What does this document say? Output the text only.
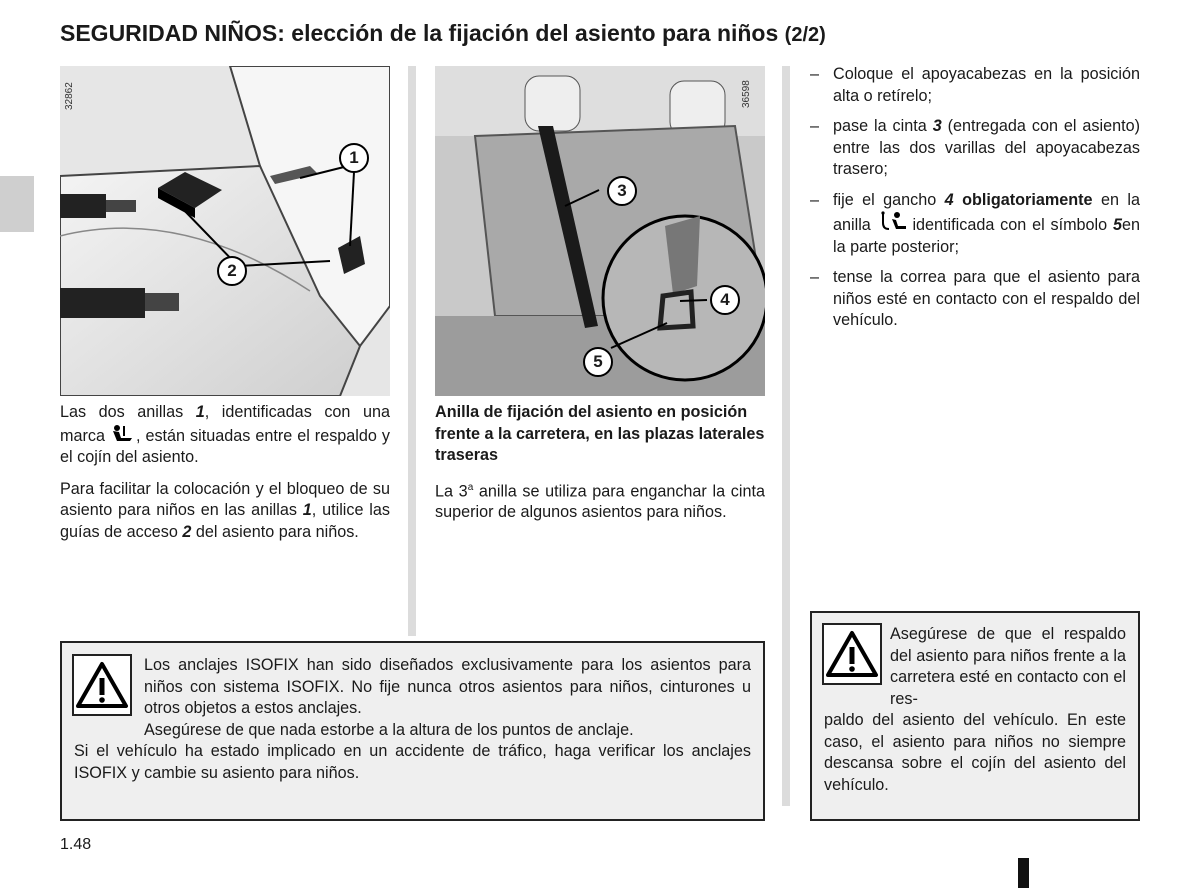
SEGURIDAD NIÑOS: elección de la fijación del asiento para niños (2/2)
32862
1
2
36598
3
4
5

Las dos anillas 1, identificadas con una marca , están situadas entre el respaldo y el cojín del asiento.

Para facilitar la colocación y el bloqueo de su asiento para niños en las anillas 1, utilice las guías de acceso 2 del asiento para niños.

Anilla de fijación del asiento en posición frente a la carretera, en las plazas laterales traseras

La 3$^a$ anilla se utiliza para enganchar la cinta superior de algunos asientos para niños.

– Coloque el apoyacabezas en la posición alta o retírelo;
– pase la cinta 3 (entregada con el asiento) entre las dos varillas del apoyacabezas trasero;
– fije el gancho 4 obligatoriamente en la anilla  identificada con el símbolo 5en la parte posterior;
– tense la correa para que el asiento para niños esté en contacto con el respaldo del vehículo.
Los anclajes ISOFIX han sido diseñados exclusivamente para los asientos para niños con sistema ISOFIX. No fije nunca otros asientos para niños, cinturones u otros objetos a estos anclajes.
Asegúrese de que nada estorbe a la altura de los puntos de anclaje.
Si el vehículo ha estado implicado en un accidente de tráfico, haga verificar los anclajes ISOFIX y cambie su asiento para niños.
Asegúrese de que el respaldo del asiento para niños frente a la carretera esté en contacto con el res-
paldo del asiento del vehículo. En este caso, el asiento para niños no siempre descansa sobre el cojín del asiento del vehículo.
1.48
